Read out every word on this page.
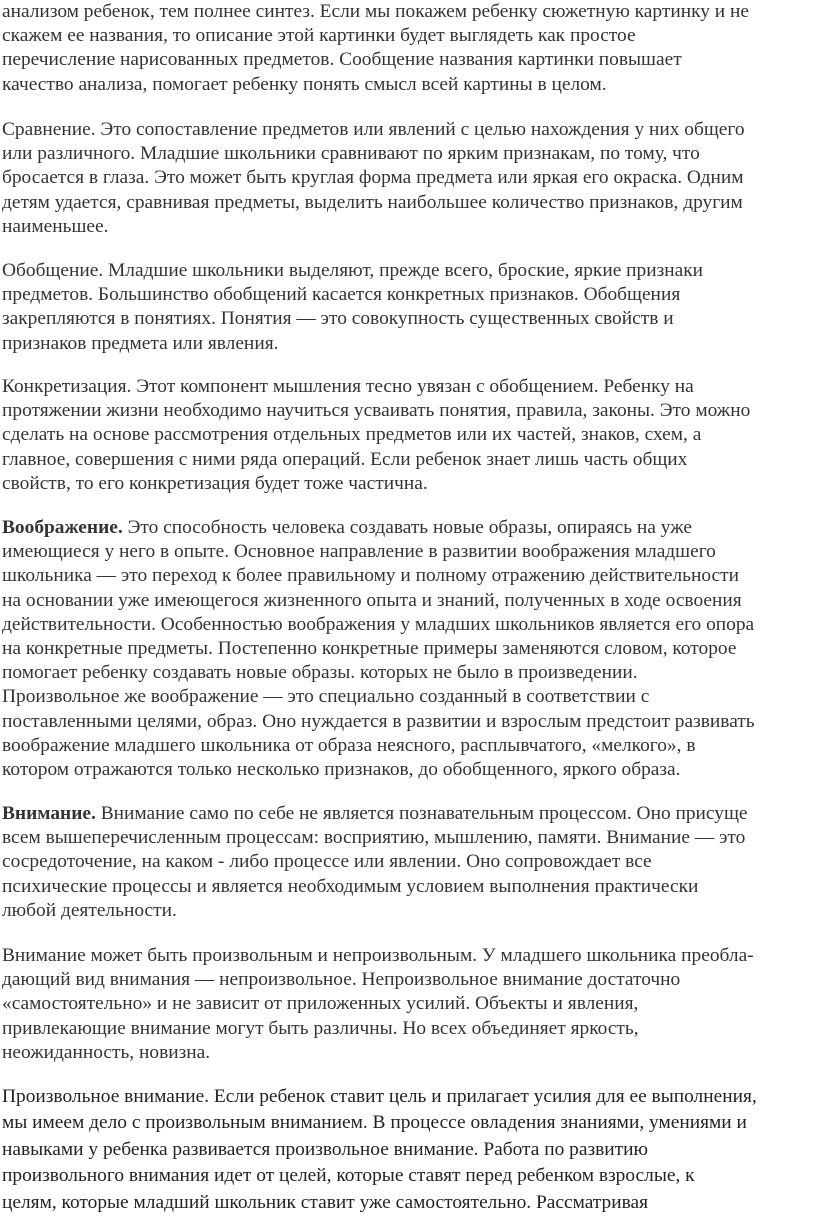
анализом ребенок, тем полнее синтез. Если мы покажем ребенку сюжетную картинку и не
скажем ее названия, то описание этой картинки будет выглядеть как простое
перечисление нарисованных предметов. Сообщение названия картинки повышает
качество анализа, помогает ребенку понять смысл всей картины в целом.
Сравнение. Это сопоставление предметов или явлений с целью нахождения у них общего
или различного. Младшие школьники сравнивают по ярким признакам, по тому, что
бросается в глаза. Это может быть круглая форма предмета или яркая его окраска. Одним
детям удается, сравнивая предметы, выделить наибольшее количество признаков, другим
наименьшее.
Обобщение. Младшие школьники выделяют, прежде всего, броские, яркие признаки
предметов. Большинство обобщений касается конкретных признаков. Обобщения
закрепляются в понятиях. Понятия — это совокупность существенных свойств и
признаков предмета или явления.
Конкретизация. Этот компонент мышления тесно увязан с обобщением. Ребенку на
протяжении жизни необходимо научиться усваивать понятия, правила, законы. Это можно
сделать на основе рассмотрения отдельных предметов или их частей, знаков, схем, а
главное, совершения с ними ряда операций. Если ребенок знает лишь часть общих
свойств, то его конкретизация будет тоже частична.
Воображение. Это способность человека создавать новые образы, опираясь на уже
имеющиеся у него в опыте. Основное направление в развитии воображения младшего
школьника — это переход к более правильному и полному отражению действительности
на основании уже имеющегося жизненного опыта и знаний, полученных в ходе освоения
действительности. Особенностью воображения у младших школьников является его опора
на конкретные предметы. Постепенно конкретные примеры заменяются словом, которое
помогает ребенку создавать новые образы. которых не было в произведении.
Произвольное же воображение — это специально созданный в соответствии с
поставленными целями, образ. Оно нуждается в развитии и взрослым предстоит развивать
воображение младшего школьника от образа неясного, расплывчатого, «мелкого», в
котором отражаются только несколько признаков, до обобщенного, яркого образа.
Внимание. Внимание само по себе не является познавательным процессом. Оно присуще
всем вышеперечисленным процессам: восприятию, мышлению, памяти. Внимание — это
сосредоточение, на каком - либо процессе или явлении. Оно сопровождает все
психические процессы и является необходимым условием выполнения практически
любой деятельности.
Внимание может быть произвольным и непроизвольным. У младшего школьника преобла-
дающий вид внимания — непроизвольное. Непроизвольное внимание достаточно
«самостоятельно» и не зависит от приложенных усилий. Объекты и явления,
привлекающие внимание могут быть различны. Но всех объединяет яркость,
неожиданность, новизна.
Произвольное внимание. Если ребенок ставит цель и прилагает усилия для ее выполнения,
мы имеем дело с произвольным вниманием. В процессе овладения знаниями, умениями и
навыками у ребенка развивается произвольное внимание. Работа по развитию
произвольного внимания идет от целей, которые ставят перед ребенком взрослые, к
целям, которые младший школьник ставит уже самостоятельно. Рассматривая
